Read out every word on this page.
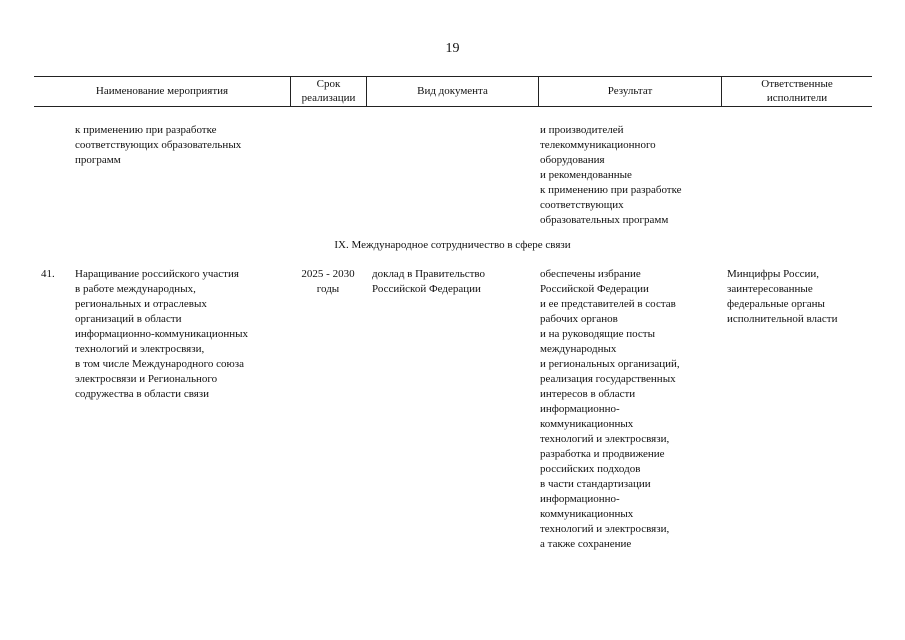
19
Наименование мероприятия
Срок
реализации
Вид документа	Результат
Ответственные
исполнители

к применению при разработке
соответствующих образовательных
программ

и производителей
телекоммуникационного
оборудования
и рекомендованные
к применению при разработке
соответствующих
образовательных программ

IX. Международное сотрудничество в сфере связи

41. Наращивание российского участия
в работе международных,
региональных и отраслевых
организаций в области
информационно-коммуникационных
технологий и электросвязи,
в том числе Международного союза
электросвязи и Регионального
содружества в области связи

2025 - 2030
годы

доклад в Правительство
Российской Федерации

обеспечены избрание
Российской Федерации
и ее представителей в состав
рабочих органов
и на руководящие посты
международных
и региональных организаций,
реализация государственных
интересов в области
информационно-
коммуникационных
технологий и электросвязи,
разработка и продвижение
российских подходов
в части стандартизации
информационно-
коммуникационных
технологий и электросвязи,
а также сохранение

Минцифры России,
заинтересованные
федеральные органы
исполнительной власти
